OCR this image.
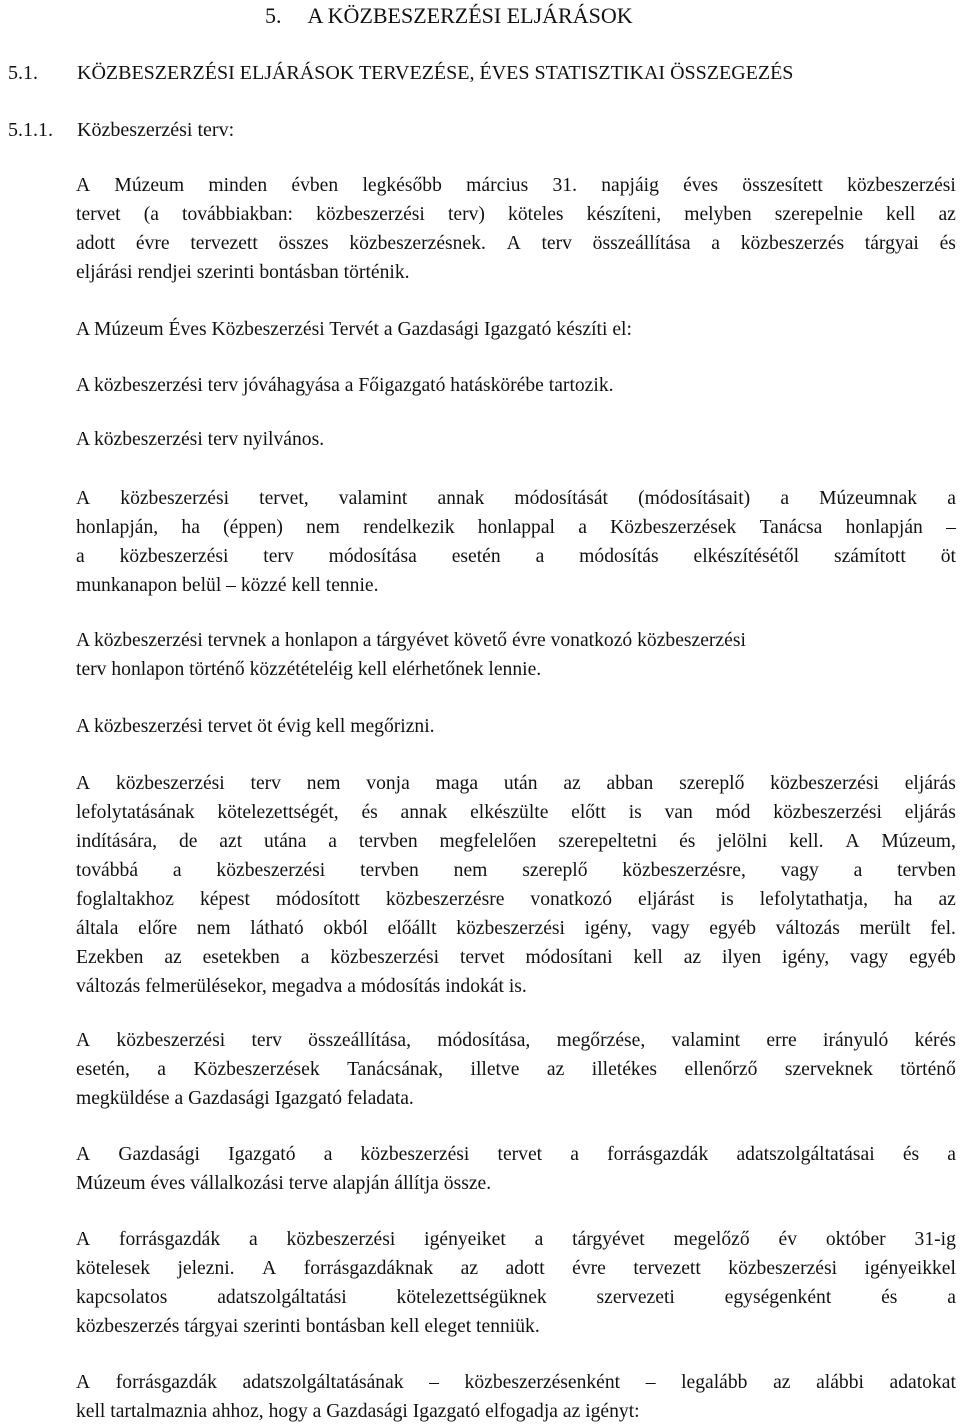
5. A KÖZBESZERZÉSI ELJÁRÁSOK
5.1. KÖZBESZERZÉSI ELJÁRÁSOK TERVEZÉSE, ÉVES STATISZTIKAI ÖSSZEGEZÉS
5.1.1. Közbeszerzési terv:
A Múzeum minden évben legkésőbb március 31. napjáig éves összesített közbeszerzési
tervet (a továbbiakban: közbeszerzési terv) köteles készíteni, melyben szerepelnie kell az
adott évre tervezett összes közbeszerzésnek. A terv összeállítása a közbeszerzés tárgyai és
eljárási rendjei szerinti bontásban történik.
A Múzeum Éves Közbeszerzési Tervét a Gazdasági Igazgató készíti el:
A közbeszerzési terv jóváhagyása a Főigazgató hatáskörébe tartozik.
A közbeszerzési terv nyilvános.
A közbeszerzési tervet, valamint annak módosítását (módosításait) a Múzeumnak a
honlapján, ha (éppen) nem rendelkezik honlappal a Közbeszerzések Tanácsa honlapján –
a közbeszerzési terv módosítása esetén a módosítás elkészítésétől számított öt
munkanapon belül – közzé kell tennie.
A közbeszerzési tervnek a honlapon a tárgyévet követő évre vonatkozó közbeszerzési
terv honlapon történő közzétételéig kell elérhetőnek lennie.
A közbeszerzési tervet öt évig kell megőrizni.
A közbeszerzési terv nem vonja maga után az abban szereplő közbeszerzési eljárás
lefolytatásának kötelezettségét, és annak elkészülte előtt is van mód közbeszerzési eljárás
indítására, de azt utána a tervben megfelelően szerepeltetni és jelölni kell. A Múzeum,
továbbá a közbeszerzési tervben nem szereplő közbeszerzésre, vagy a tervben
foglaltakhoz képest módosított közbeszerzésre vonatkozó eljárást is lefolytathatja, ha az
általa előre nem látható okból előállt közbeszerzési igény, vagy egyéb változás merült fel.
Ezekben az esetekben a közbeszerzési tervet módosítani kell az ilyen igény, vagy egyéb
változás felmerülésekor, megadva a módosítás indokát is.
A közbeszerzési terv összeállítása, módosítása, megőrzése, valamint erre irányuló kérés
esetén, a Közbeszerzések Tanácsának, illetve az illetékes ellenőrző szerveknek történő
megküldése a Gazdasági Igazgató feladata.
A Gazdasági Igazgató a közbeszerzési tervet a forrásgazdák adatszolgáltatásai és a
Múzeum éves vállalkozási terve alapján állítja össze.
A forrásgazdák a közbeszerzési igényeiket a tárgyévet megelőző év október 31-ig
kötelesek jelezni. A forrásgazdáknak az adott évre tervezett közbeszerzési igényeikkel
kapcsolatos	adatszolgáltatási	kötelezettségüknek	szervezeti	egységenként	és	a
közbeszerzés tárgyai szerinti bontásban kell eleget tenniük.
A forrásgazdák adatszolgáltatásának – közbeszerzésenként – legalább az alábbi adatokat
kell tartalmaznia ahhoz, hogy a Gazdasági Igazgató elfogadja az igényt:
